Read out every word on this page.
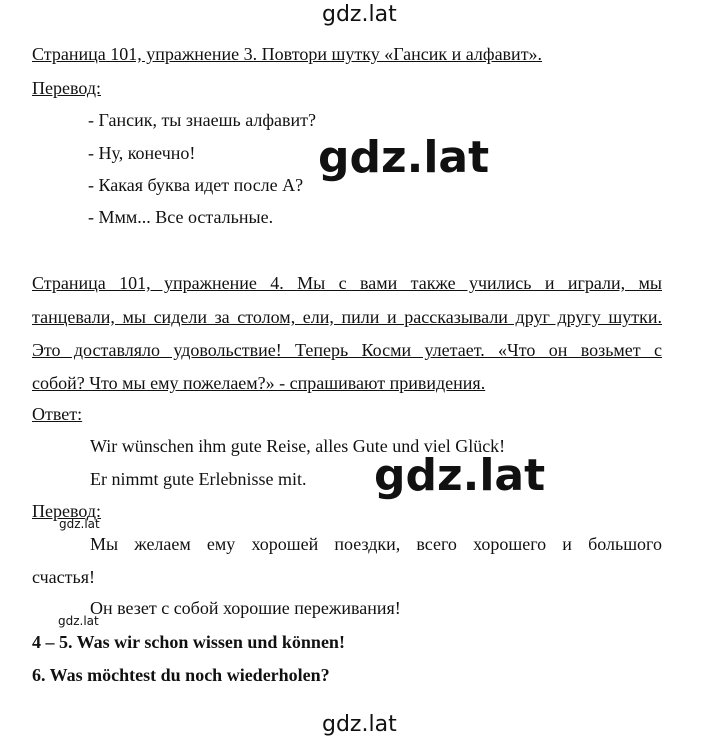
gdz.lat
Страница 101, упражнение 3. Повтори шутку «Гансик и алфавит».
Перевод:
- Гансик, ты знаешь алфавит?
- Ну, конечно!
- Какая буква идет после А?
- Ммм... Все остальные.
gdz.lat
Страница 101, упражнение 4. Мы с вами также учились и играли, мы
танцевали, мы сидели за столом, ели, пили и рассказывали друг другу шутки.
Это доставляло удовольствие! Теперь Косми улетает. «Что он возьмет с
собой? Что мы ему пожелаем?» - спрашивают привидения.
Ответ:
Wir wünschen ihm gute Reise, alles Gute und viel Glück!
Er nimmt gute Erlebnisse mit. gdz.lat
Перевод:
gdz.lat
Мы желаем ему хорошей поездки, всего хорошего и большого
счастья!
Он везет с собой хорошие переживания!
gdz.lat
4 – 5. Was wir schon wissen und können!
6. Was möchtest du noch wiederholen?
gdz.lat
